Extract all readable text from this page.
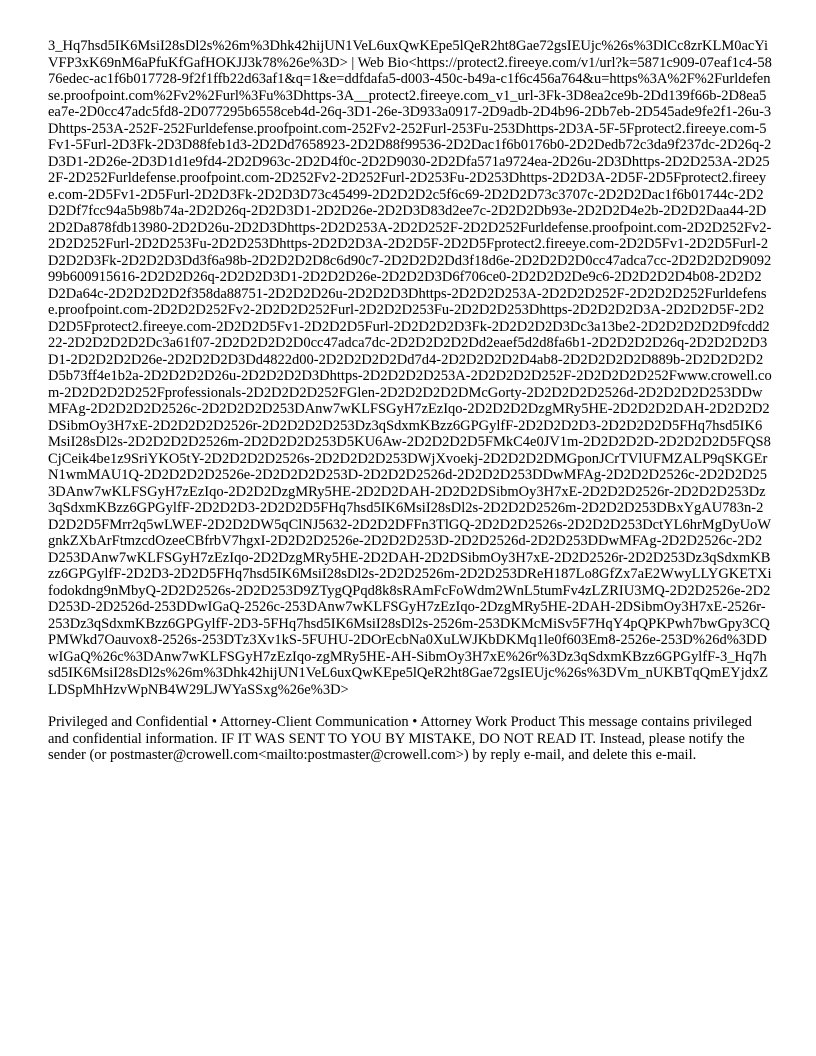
3_Hq7hsd5IK6MsiI28sDl2s%26m%3Dhk42hijUN1VeL6uxQwKEpe5lQeR2ht8Gae72gsIEUjc%26s%3DlCc8zrKLM0acYiVFP3xK69nM6aPfuKfGafHOKJJ3k78%26e%3D> | Web Bio<https://protect2.fireeye.com/v1/url?k=5871c909-07eaf1c4-5876edec-ac1f6b017728-9f2f1ffb22d63af1&q=1&e=ddfdafa5-d003-450c-b49a-c1f6c456a764&u=https%3A%2F%2Furldefense.proofpoint.com%2Fv2%2Furl%3Fu%3Dhttps-3A__protect2.fireeye.com_v1_url-3Fk-3D8ea2ce9b-2Dd139f66b-2D8ea5ea7e-2D0cc47adc5fd8-2D077295b6558ceb4d-26q-3D1-26e-3D933a0917-2D9adb-2D4b96-2Db7eb-2D545ade9fe2f1-26u-3Dhttps-253A-252F-252Furldefense.proofpoint.com-252Fv2-252Furl-253Fu-253Dhttps-2D3A-5F-5Fprotect2.fireeye.com-5Fv1-5Furl-2D3Fk-2D3D88feb1d3-2D2Dd7658923-2D2D88f99536-2D2Dac1f6b0176b0-2D2Dedb72c3da9f237dc-2D26q-2D3D1-2D26e-2D3D1d1e9fd4-2D2D963c-2D2D4f0c-2D2D9030-2D2Dfa571a9724ea-2D26u-2D3Dhttps-2D2D253A-2D252F-2D252Furldefense.proofpoint.com-2D252Fv2-2D252Furl-2D253Fu-2D253Dhttps-2D2D3A-2D5F-2D5Fprotect2.fireeye.com-2D5Fv1-2D5Furl-2D2D3Fk-2D2D3D73c45499-2D2D2D2c5f6c69-2D2D2D73c3707c-2D2D2Dac1f6b01744c-2D2D2Df7fcc94a5b98b74a-2D2D26q-2D2D3D1-2D2D26e-2D2D3D83d2ee7c-2D2D2Db93e-2D2D2D4e2b-2D2D2Daa44-2D2D2Da878fdb13980-2D2D26u-2D2D3Dhttps-2D2D253A-2D2D252F-2D2D252Furldefense.proofpoint.com-2D2D252Fv2-2D2D252Furl-2D2D253Fu-2D2D253Dhttps-2D2D2D3A-2D2D5F-2D2D5Fprotect2.fireeye.com-2D2D5Fv1-2D2D5Furl-2D2D2D3Fk-2D2D2D3Dd3f6a98b-2D2D2D2D8c6d90c7-2D2D2D2Dd3f18d6e-2D2D2D2D0cc47adca7cc-2D2D2D2D909299b600915616-2D2D2D26q-2D2D2D3D1-2D2D2D26e-2D2D2D3D6f706ce0-2D2D2D2De9c6-2D2D2D2D4b08-2D2D2D2Da64c-2D2D2D2D2f358da88751-2D2D2D26u-2D2D2D3Dhttps-2D2D2D253A-2D2D2D252F-2D2D2D252Furldefense.proofpoint.com-2D2D2D252Fv2-2D2D2D252Furl-2D2D2D253Fu-2D2D2D253Dhttps-2D2D2D2D3A-2D2D2D5F-2D2D2D5Fprotect2.fireeye.com-2D2D2D5Fv1-2D2D2D5Furl-2D2D2D2D3Fk-2D2D2D2D3Dc3a13be2-2D2D2D2D2D9fcdd222-2D2D2D2D2Dc3a61f07-2D2D2D2D2D0cc47adca7dc-2D2D2D2D2Dd2eaef5d2d8fa6b1-2D2D2D2D26q-2D2D2D2D3D1-2D2D2D2D26e-2D2D2D2D3Dd4822d00-2D2D2D2D2Dd7d4-2D2D2D2D2D4ab8-2D2D2D2D2D889b-2D2D2D2D2D5b73ff4e1b2a-2D2D2D2D26u-2D2D2D2D3Dhttps-2D2D2D2D253A-2D2D2D2D252F-2D2D2D2D252Fwww.crowell.com-2D2D2D2D252Fprofessionals-2D2D2D2D252FGlen-2D2D2D2D2DMcGorty-2D2D2D2D2526d-2D2D2D2D253DDwMFAg-2D2D2D2D2526c-2D2D2D2D253DAnw7wKLFSGyH7zEzIqo-2D2D2D2DzgMRy5HE-2D2D2D2DAH-2D2D2D2DSibmOy3H7xE-2D2D2D2D2526r-2D2D2D2D253Dz3qSdxmKBzz6GPGylfF-2D2D2D2D3-2D2D2D2D5FHq7hsd5IK6MsiI28sDl2s-2D2D2D2D2526m-2D2D2D2D253D5KU6Aw-2D2D2D2D5FMkC4e0JV1m-2D2D2D2D-2D2D2D2D5FQS8CjCeik4be1z9SriYKO5tY-2D2D2D2D2526s-2D2D2D2D253DWjXvoekj-2D2D2D2DMGponJCrTVlUFMZALP9qSKGErN1wmMAU1Q-2D2D2D2D2526e-2D2D2D2D253D-2D2D2D2526d-2D2D2D253DDwMFAg-2D2D2D2526c-2D2D2D253DAnw7wKLFSGyH7zEzIqo-2D2D2DzgMRy5HE-2D2D2DAH-2D2D2DSibmOy3H7xE-2D2D2D2526r-2D2D2D253Dz3qSdxmKBzz6GPGylfF-2D2D2D3-2D2D2D5FHq7hsd5IK6MsiI28sDl2s-2D2D2D2526m-2D2D2D253DBxYgAU783n-2D2D2D5FMrr2q5wLWEF-2D2D2DW5qClNJ5632-2D2D2DFFn3TlGQ-2D2D2D2526s-2D2D2D253DctYL6hrMgDyUoWgnkZXbArFtmzcdOzeeCBfrbV7hgxI-2D2D2D2526e-2D2D2D253D-2D2D2526d-2D2D253DDwMFAg-2D2D2526c-2D2D253DAnw7wKLFSGyH7zEzIqo-2D2DzgMRy5HE-2D2DAH-2D2DSibmOy3H7xE-2D2D2526r-2D2D253Dz3qSdxmKBzz6GPGylfF-2D2D3-2D2D5FHq7hsd5IK6MsiI28sDl2s-2D2D2526m-2D2D253DReH187Lo8GfZx7aE2WwyLLYGKETXifodokdng9nMbyQ-2D2D2526s-2D2D253D9ZTygQPqd8k8sRAmFcFoWdm2WnL5tumFv4zLZRIU3MQ-2D2D2526e-2D2D253D-2D2526d-253DDwIGaQ-2526c-253DAnw7wKLFSGyH7zEzIqo-2DzgMRy5HE-2DAH-2DSibmOy3H7xE-2526r-253Dz3qSdxmKBzz6GPGylfF-2D3-5FHq7hsd5IK6MsiI28sDl2s-2526m-253DKMcMiSv5F7HqY4pQPKPwh7bwGpy3CQPMWkd7Oauvox8-2526s-253DTz3Xv1kS-5FUHU-2DOrEcbNa0XuLWJKbDKMq1le0f603Em8-2526e-253D%26d%3DDwIGaQ%26c%3DAnw7wKLFSGyH7zEzIqo-zgMRy5HE-AH-SibmOy3H7xE%26r%3Dz3qSdxmKBzz6GPGylfF-3_Hq7hsd5IK6MsiI28sDl2s%26m%3Dhk42hijUN1VeL6uxQwKEpe5lQeR2ht8Gae72gsIEUjc%26s%3DVm_nUKBTqQmEYjdxZLDSpMhHzvWpNB4W29LJWYaSSxg%26e%3D>

Privileged and Confidential • Attorney-Client Communication • Attorney Work Product This message contains privileged and confidential information. IF IT WAS SENT TO YOU BY MISTAKE, DO NOT READ IT. Instead, please notify the sender (or postmaster@crowell.com<mailto:postmaster@crowell.com>) by reply e-mail, and delete this e-mail.
